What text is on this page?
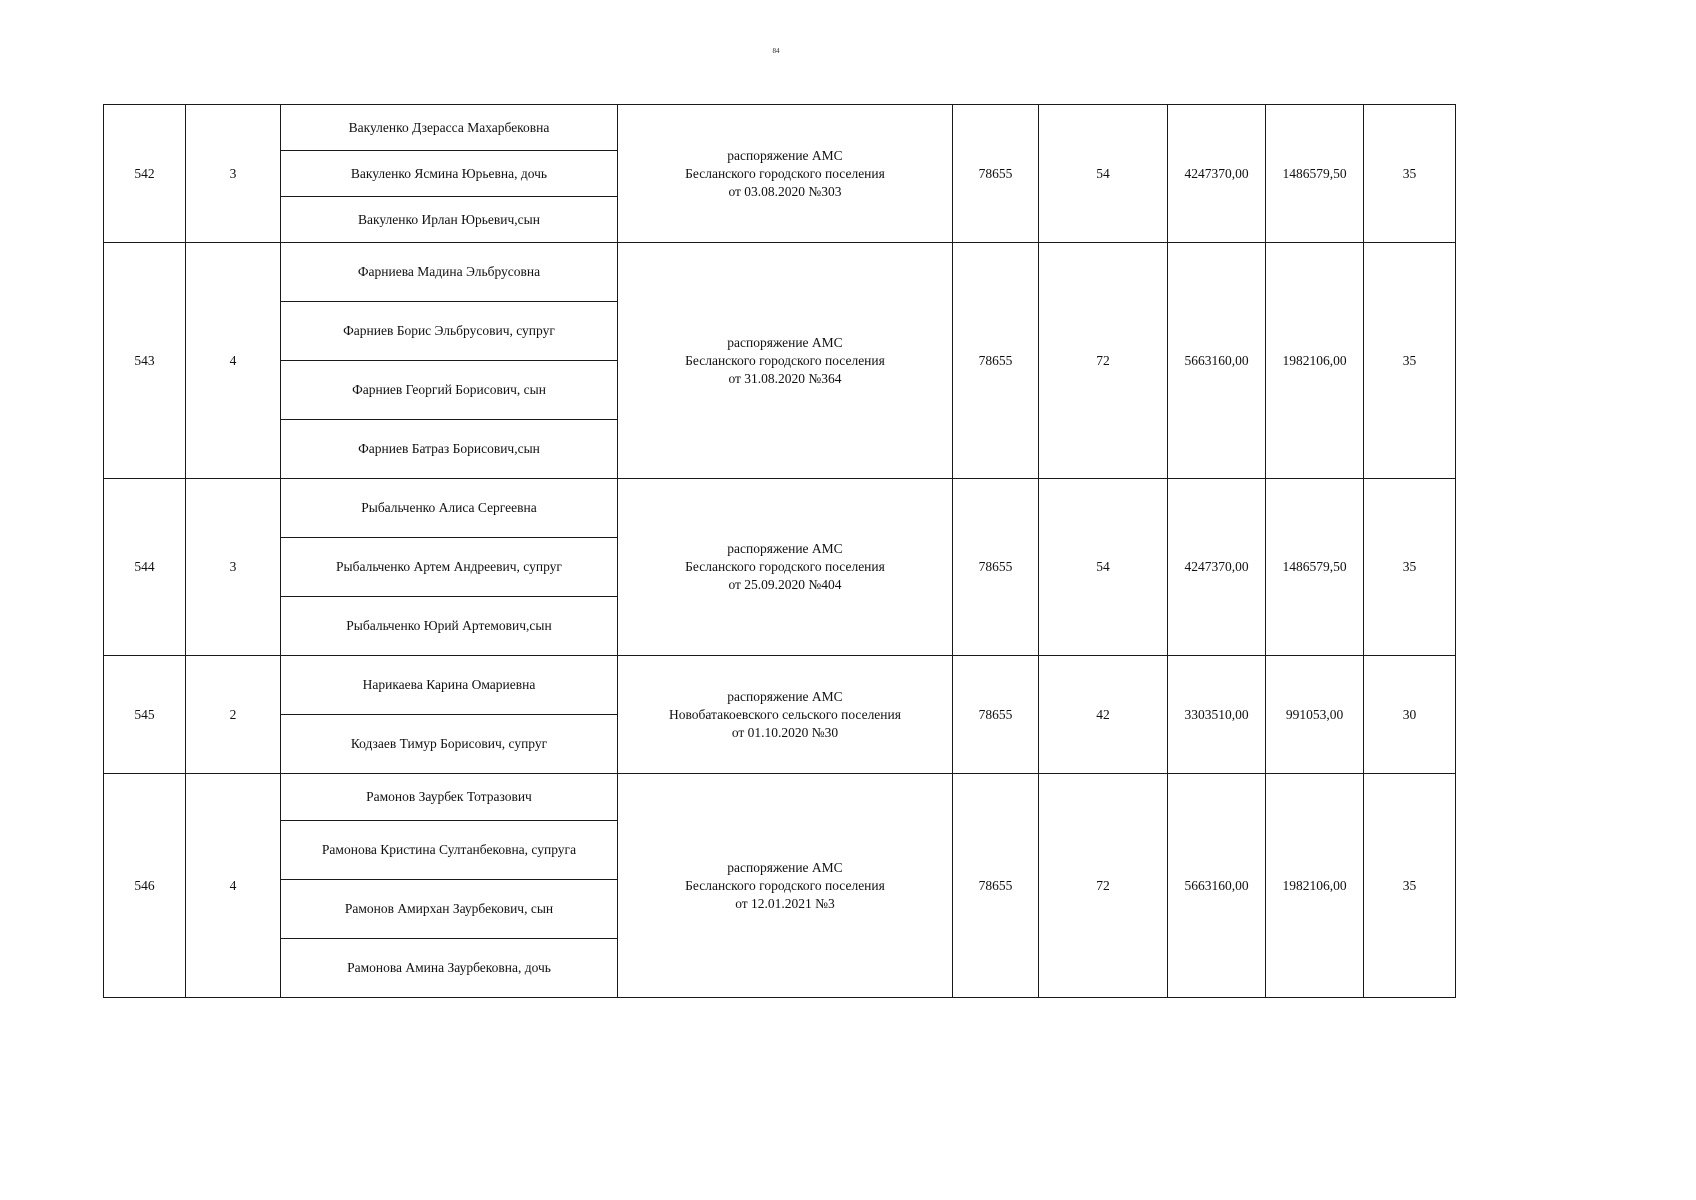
84
542	3	Вакуленко Дзерасса Махарбековна	распоряжение АМС
Бесланского городского поселения
от 03.08.2020 №303	78655	54	4247370,00	1486579,50	35
		Вакуленко Ясмина Юрьевна, дочь						
		Вакуленко Ирлан Юрьевич,сын						
543	4	Фарниева Мадина Эльбрусовна	распоряжение АМС
Бесланского городского поселения
от 31.08.2020 №364	78655	72	5663160,00	1982106,00	35
		Фарниев Борис Эльбрусович, супруг						
		Фарниев Георгий Борисович, сын						
		Фарниев Батраз Борисович,сын						
544	3	Рыбальченко Алиса Сергеевна	распоряжение АМС
Бесланского городского поселения
от 25.09.2020 №404	78655	54	4247370,00	1486579,50	35
		Рыбальченко Артем Андреевич, супруг						
		Рыбальченко Юрий Артемович,сын						
545	2	Нарикаева Карина Омариевна	распоряжение АМС
Новобатакоевского сельского поселения
от 01.10.2020 №30	78655	42	3303510,00	991053,00	30
		Кодзаев Тимур Борисович, супруг						
546	4	Рамонов Заурбек Тотразович	распоряжение АМС
Бесланского городского поселения
от 12.01.2021 №3	78655	72	5663160,00	1982106,00	35
		Рамонова Кристина Султанбековна, супруга						
		Рамонов Амирхан Заурбекович, сын						
		Рамонова Амина Заурбековна, дочь						
